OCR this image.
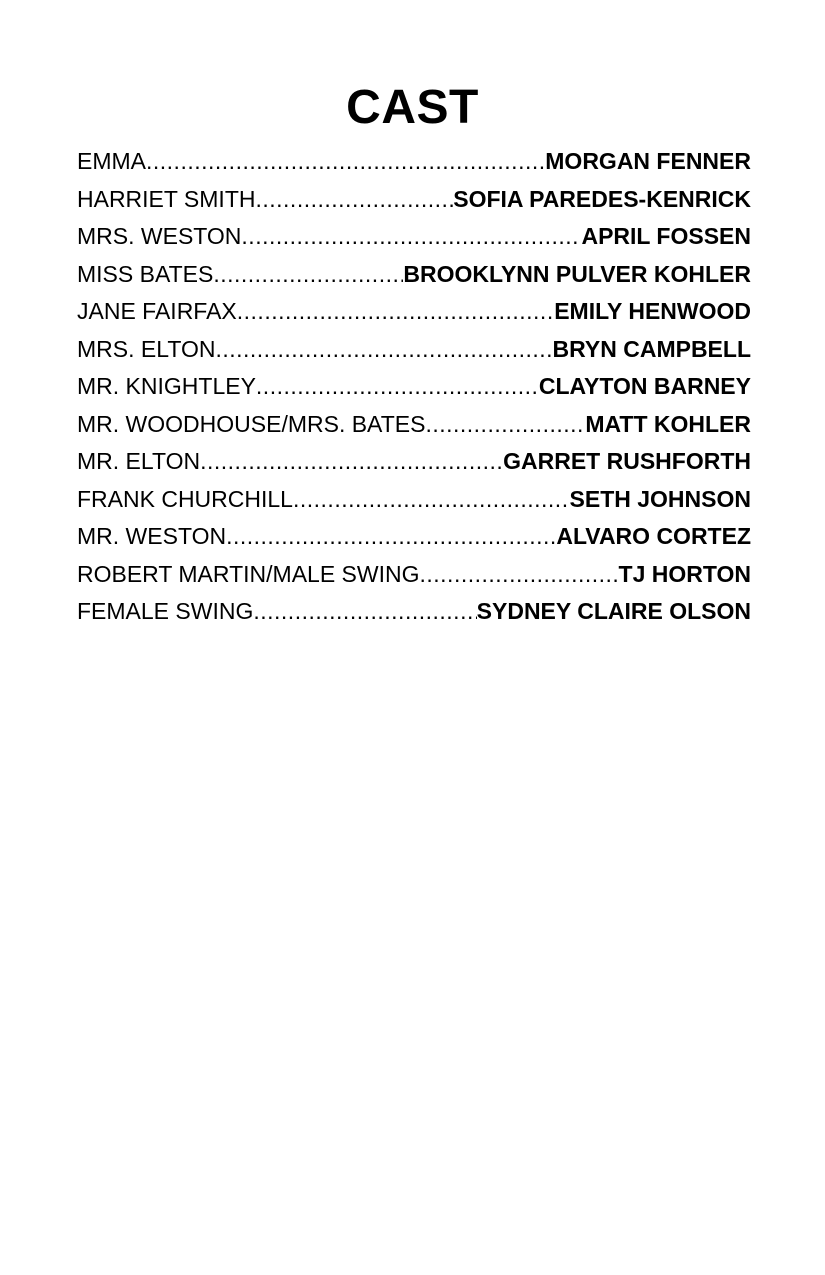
CAST
EMMA .....	MORGAN FENNER
HARRIET SMITH .....	SOFIA PAREDES-KENRICK
MRS. WESTON .....	APRIL FOSSEN
MISS BATES .....	BROOKLYNN PULVER KOHLER
JANE FAIRFAX .....	EMILY HENWOOD
MRS. ELTON .....	BRYN CAMPBELL
MR. KNIGHTLEY .....	CLAYTON BARNEY
MR. WOODHOUSE/MRS. BATES .....	MATT KOHLER
MR. ELTON .....	GARRET RUSHFORTH
FRANK CHURCHILL .....	SETH JOHNSON
MR. WESTON .....	ALVARO CORTEZ
ROBERT MARTIN/MALE SWING .....	TJ HORTON
FEMALE SWING .....	SYDNEY CLAIRE OLSON
